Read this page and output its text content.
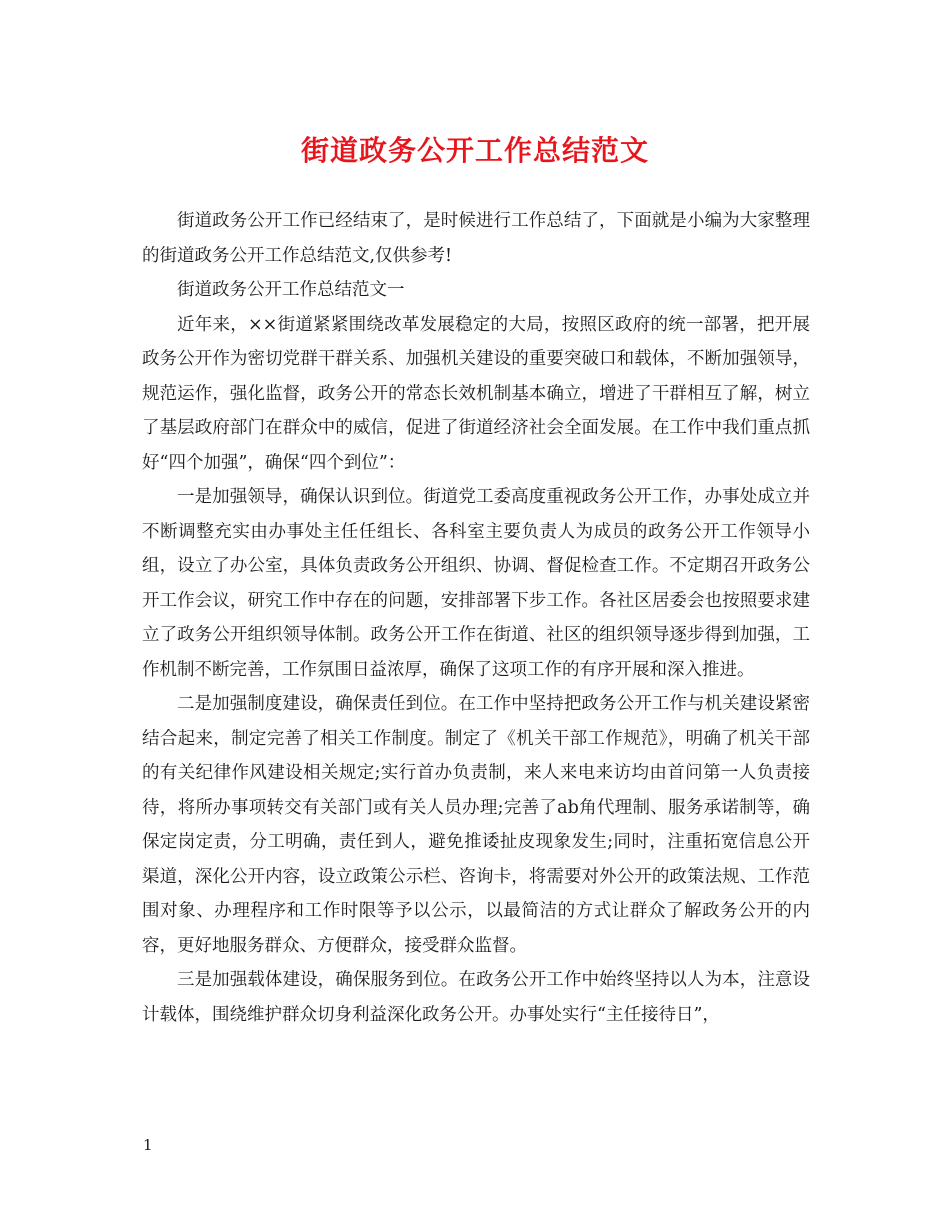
街道政务公开工作总结范文

街道政务公开工作已经结束了，是时候进行工作总结了，下面就是小编为大家整理的街道政务公开工作总结范文,仅供参考!

街道政务公开工作总结范文一

近年来，××街道紧紧围绕改革发展稳定的大局，按照区政府的统一部署，把开展政务公开作为密切党群干群关系、加强机关建设的重要突破口和载体，不断加强领导，规范运作，强化监督，政务公开的常态长效机制基本确立，增进了干群相互了解，树立了基层政府部门在群众中的威信，促进了街道经济社会全面发展。在工作中我们重点抓好“四个加强”，确保“四个到位”：

一是加强领导，确保认识到位。街道党工委高度重视政务公开工作，办事处成立并不断调整充实由办事处主任任组长、各科室主要负责人为成员的政务公开工作领导小组，设立了办公室，具体负责政务公开组织、协调、督促检查工作。不定期召开政务公开工作会议，研究工作中存在的问题，安排部署下步工作。各社区居委会也按照要求建立了政务公开组织领导体制。政务公开工作在街道、社区的组织领导逐步得到加强，工作机制不断完善，工作氛围日益浓厚，确保了这项工作的有序开展和深入推进。

二是加强制度建设，确保责任到位。在工作中坚持把政务公开工作与机关建设紧密结合起来，制定完善了相关工作制度。制定了《机关干部工作规范》，明确了机关干部的有关纪律作风建设相关规定;实行首办负责制，来人来电来访均由首问第一人负责接待，将所办事项转交有关部门或有关人员办理;完善了ab角代理制、服务承诺制等，确保定岗定责，分工明确，责任到人，避免推诿扯皮现象发生;同时，注重拓宽信息公开渠道，深化公开内容，设立政策公示栏、咨询卡，将需要对外公开的政策法规、工作范围对象、办理程序和工作时限等予以公示，以最简洁的方式让群众了解政务公开的内容，更好地服务群众、方便群众，接受群众监督。

三是加强载体建设，确保服务到位。在政务公开工作中始终坚持以人为本，注意设计载体，围绕维护群众切身利益深化政务公开。办事处实行“主任接待日”，

1
